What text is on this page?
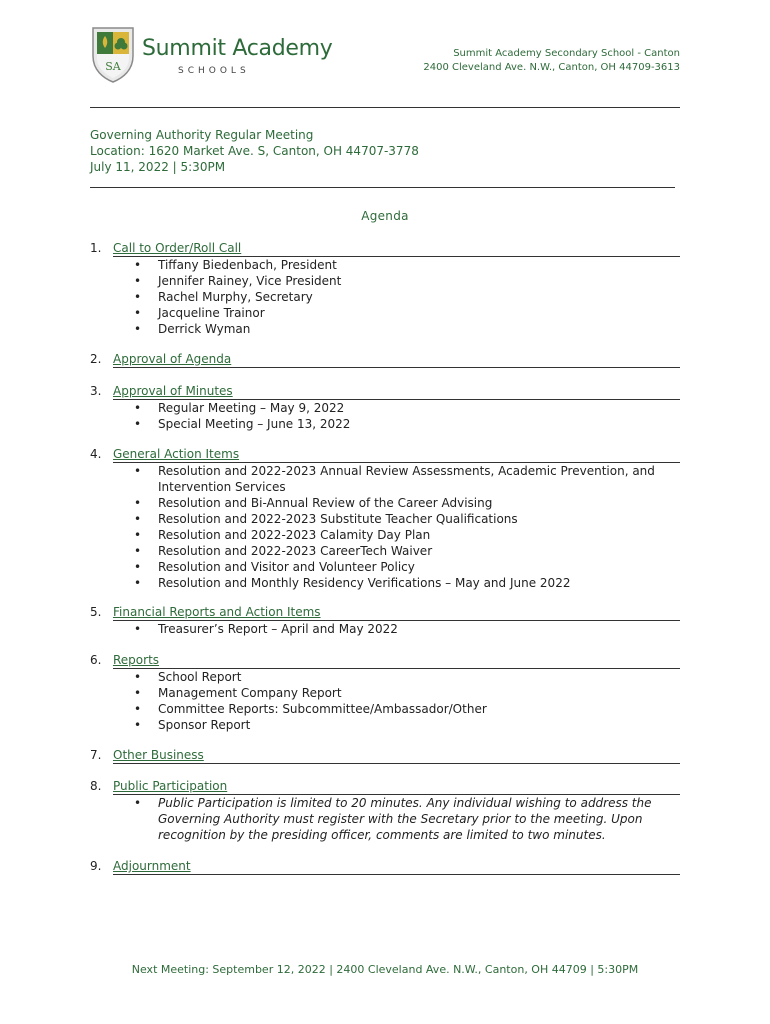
SA
Summit Academy
SCHOOLS
Summit Academy Secondary School - Canton
2400 Cleveland Ave. N.W., Canton, OH 44709-3613
Governing Authority Regular Meeting
Location: 1620 Market Ave. S, Canton, OH 44707-3778
July 11, 2022 | 5:30PM
Agenda
1. Call to Order/Roll Call
• Tiffany Biedenbach, President
• Jennifer Rainey, Vice President
• Rachel Murphy, Secretary
• Jacqueline Trainor
• Derrick Wyman
2. Approval of Agenda
3. Approval of Minutes
• Regular Meeting – May 9, 2022
• Special Meeting – June 13, 2022
4. General Action Items
• Resolution and 2022-2023 Annual Review Assessments, Academic Prevention, and
Intervention Services
• Resolution and Bi-Annual Review of the Career Advising
• Resolution and 2022-2023 Substitute Teacher Qualifications
• Resolution and 2022-2023 Calamity Day Plan
• Resolution and 2022-2023 CareerTech Waiver
• Resolution and Visitor and Volunteer Policy
• Resolution and Monthly Residency Verifications – May and June 2022
5. Financial Reports and Action Items
• Treasurer’s Report – April and May 2022
6. Reports
• School Report
• Management Company Report
• Committee Reports: Subcommittee/Ambassador/Other
• Sponsor Report
7. Other Business
8. Public Participation
• Public Participation is limited to 20 minutes. Any individual wishing to address the
Governing Authority must register with the Secretary prior to the meeting. Upon
recognition by the presiding officer, comments are limited to two minutes.
9. Adjournment
Next Meeting: September 12, 2022 | 2400 Cleveland Ave. N.W., Canton, OH 44709 | 5:30PM
